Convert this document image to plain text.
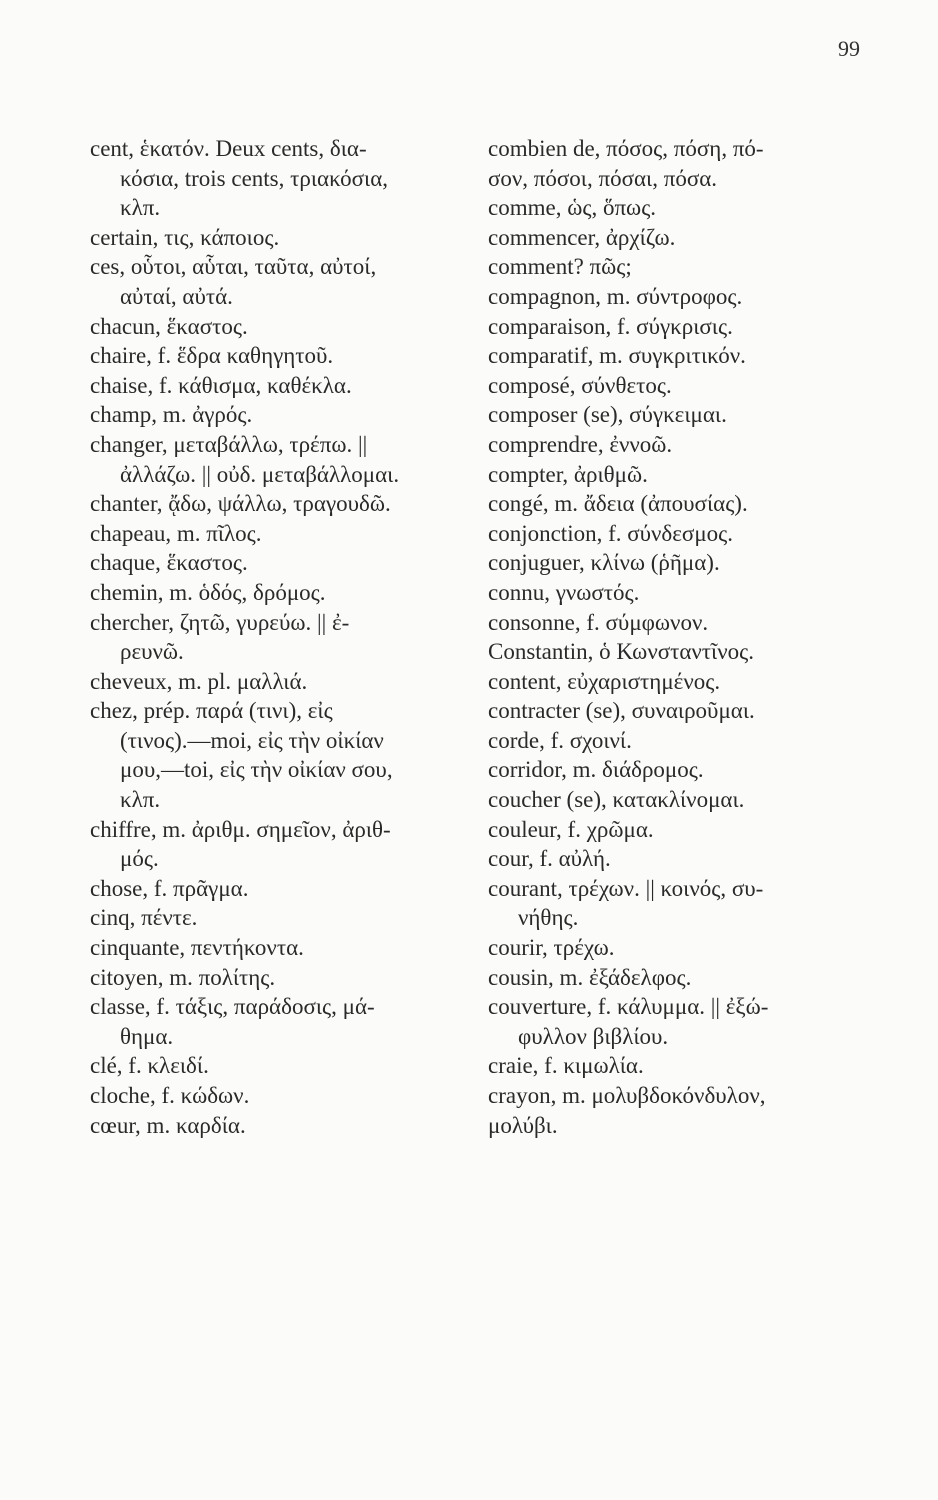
99
cent, ἑκατόν. Deux cents, δια-
κόσια, trois cents, τριακόσια,
κλπ.
certain, τις, κάποιος.
ces, οὗτοι, αὗται, ταῦτα, αὐτοί,
αὐταί, αὐτά.
chacun, ἕκαστος.
chaire, f. ἕδρα καθηγητοῦ.
chaise, f. κάθισμα, καθέκλα.
champ, m. ἀγρός.
changer, μεταβάλλω, τρέπω. ||
ἀλλάζω. || οὐδ. μεταβάλλομαι.
chanter, ᾄδω, ψάλλω, τραγουδῶ.
chapeau, m. πῖλος.
chaque, ἕκαστος.
chemin, m. ὁδός, δρόμος.
chercher, ζητῶ, γυρεύω. || ἐ-
ρευνῶ.
cheveux, m. pl. μαλλιά.
chez, prép. παρά (τινι), εἰς
(τινος).—moi, εἰς τὴν οἰκίαν
μου,—toi, εἰς τὴν οἰκίαν σου,
κλπ.
chiffre, m. ἀριθμ. σημεῖον, ἀριθ-
μός.
chose, f. πρᾶγμα.
cinq, πέντε.
cinquante, πεντήκοντα.
citoyen, m. πολίτης.
classe, f. τάξις, παράδοσις, μά-
θημα.
clé, f. κλειδί.
cloche, f. κώδων.
cœur, m. καρδία.
combien de, πόσος, πόση, πό-
σον, πόσοι, πόσαι, πόσα.
comme, ὡς, ὅπως.
commencer, ἀρχίζω.
comment? πῶς;
compagnon, m. σύντροφος.
comparaison, f. σύγκρισις.
comparatif, m. συγκριτικόν.
composé, σύνθετος.
composer (se), σύγκειμαι.
comprendre, ἐννοῶ.
compter, ἀριθμῶ.
congé, m. ἄδεια (ἀπουσίας).
conjonction, f. σύνδεσμος.
conjuguer, κλίνω (ῥῆμα).
connu, γνωστός.
consonne, f. σύμφωνον.
Constantin, ὁ Κωνσταντῖνος.
content, εὐχαριστημένος.
contracter (se), συναιροῦμαι.
corde, f. σχοινί.
corridor, m. διάδρομος.
coucher (se), κατακλίνομαι.
couleur, f. χρῶμα.
cour, f. αὐλή.
courant, τρέχων. || κοινός, συ-
νήθης.
courir, τρέχω.
cousin, m. ἐξάδελφος.
couverture, f. κάλυμμα. || ἐξώ-
φυλλον βιβλίου.
craie, f. κιμωλία.
crayon, m. μολυβδοκόνδυλον,
μολύβι.
